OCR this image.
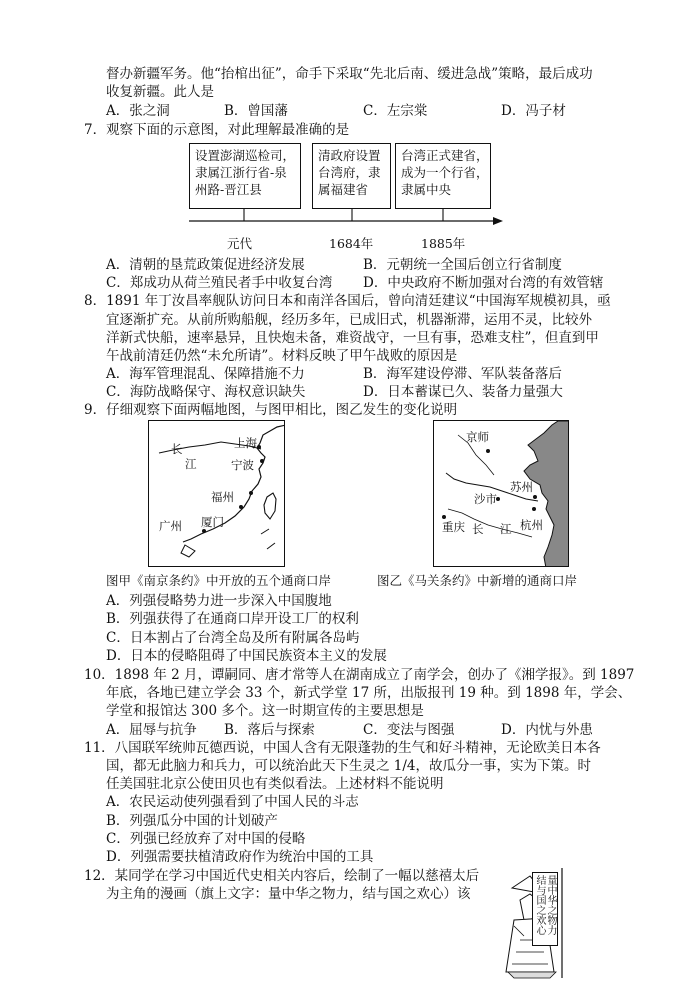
督办新疆军务。他“抬棺出征”，命手下采取“先北后南、缓进急战”策略，最后成功
收复新疆。此人是
A．张之洞	B．曾国藩	C．左宗棠	D．冯子材
7．观察下面的示意图，对此理解最准确的是
设置澎湖巡检司，
隶属江浙行省-泉
州路-晋江县
清政府设置
台湾府，隶
属福建省
台湾正式建省，
成为一个行省，
隶属中央
元代	1684年	1885年
A．清朝的垦荒政策促进经济发展	B．元朝统一全国后创立行省制度
C．郑成功从荷兰殖民者手中收复台湾 D．中央政府不断加强对台湾的有效管辖
8．1891 年丁汝昌率舰队访问日本和南洋各国后，曾向清廷建议“中国海军规模初具，亟
宜逐渐扩充。从前所购船舰，经历多年，已成旧式，机器渐滞，运用不灵，比较外
洋新式快船，速率悬异，且快炮未备，难资战守，一旦有事，恐难支柱”，但直到甲
午战前清廷仍然“未允所请”。材料反映了甲午战败的原因是
A．海军管理混乱、保障措施不力	B．海军建设停滞、军队装备落后
C．海防战略保守、海权意识缺失	D．日本蓄谋已久、装备力量强大
9．仔细观察下面两幅地图，与图甲相比，图乙发生的变化说明
上海
长
江	宁波
福州
广州 厦门
京师
沙市
苏州
重庆 长 江 杭州
图甲《南京条约》中开放的五个通商口岸	图乙《马关条约》中新增的通商口岸
A．列强侵略势力进一步深入中国腹地
B．列强获得了在通商口岸开设工厂的权利
C．日本割占了台湾全岛及所有附属各岛屿
D．日本的侵略阻碍了中国民族资本主义的发展
10．1898 年 2 月，谭嗣同、唐才常等人在湖南成立了南学会，创办了《湘学报》。到 1897
年底，各地已建立学会 33 个，新式学堂 17 所，出版报刊 19 种。到 1898 年，学会、
学堂和报馆达 300 多个。这一时期宣传的主要思想是
A．屈辱与抗争 B．落后与探索	C．变法与图强	D．内忧与外患
11．八国联军统帅瓦德西说，中国人含有无限蓬勃的生气和好斗精神，无论欧美日本各
国，都无此脑力和兵力，可以统治此天下生灵之 1/4，故瓜分一事，实为下策。时
任美国驻北京公使田贝也有类似看法。上述材料不能说明
A．农民运动使列强看到了中国人民的斗志
B．列强瓜分中国的计划破产
C．列强已经放弃了对中国的侵略
D．列强需要扶植清政府作为统治中国的工具
12．某同学在学习中国近代史相关内容后，绘制了一幅以慈禧太后
为主角的漫画（旗上文字：量中华之物力，结与国之欢心）该	量中华之物力
结与国之欢心
